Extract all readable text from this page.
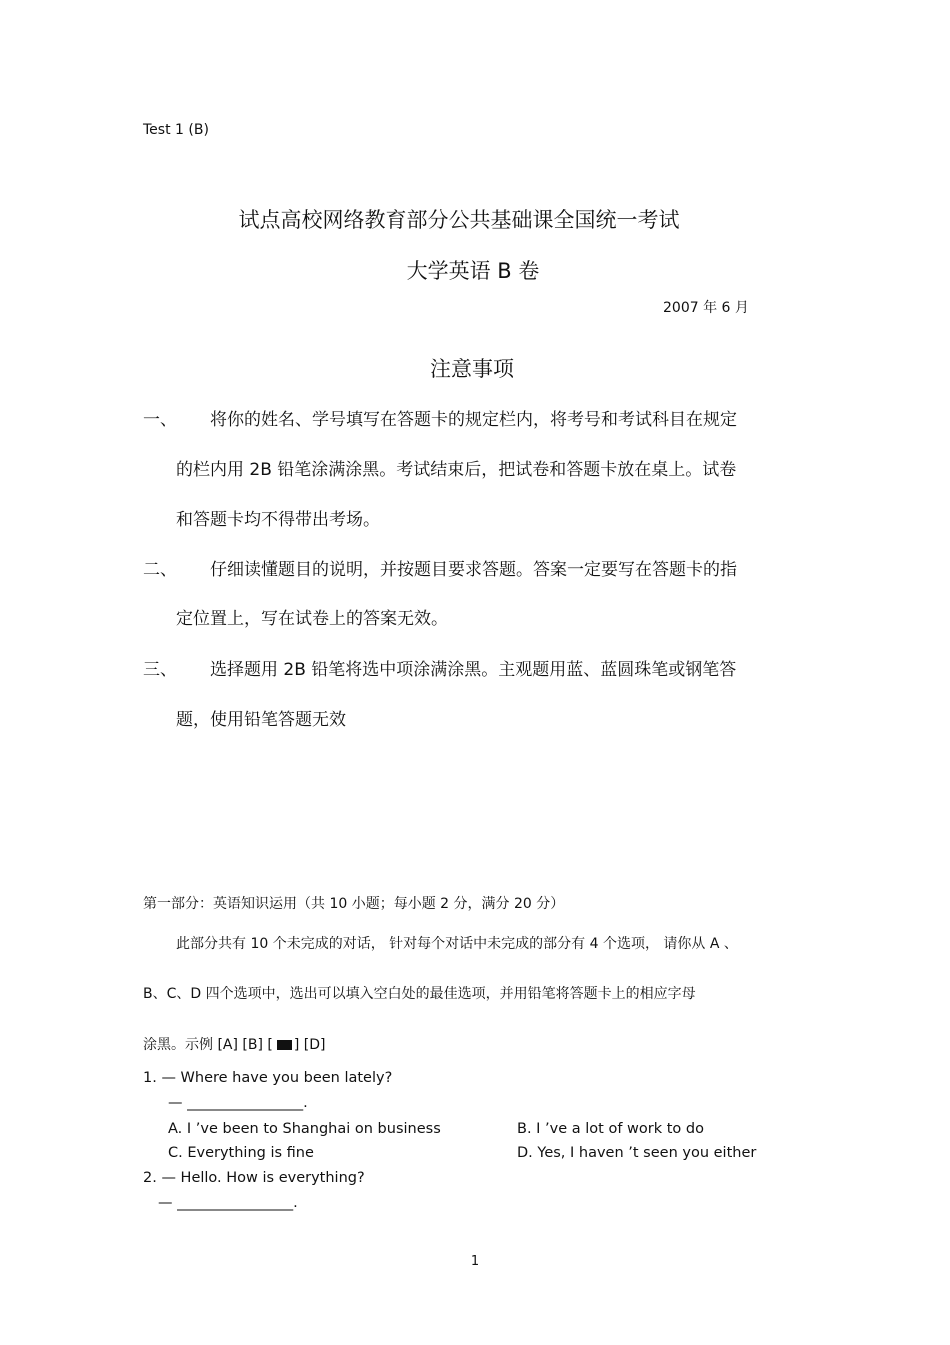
Test 1 (B)
试点高校网络教育部分公共基础课全国统一考试
大学英语 B 卷
2007 年 6 月
注意事项
一、 将你的姓名、学号填写在答题卡的规定栏内，将考号和考试科目在规定
的栏内用 2B 铅笔涂满涂黑。考试结束后，把试卷和答题卡放在桌上。试卷
和答题卡均不得带出考场。
二、 仔细读懂题目的说明，并按题目要求答题。答案一定要写在答题卡的指
定位置上，写在试卷上的答案无效。
三、 选择题用 2B 铅笔将选中项涂满涂黑。主观题用蓝、蓝圆珠笔或钢笔答
题，使用铅笔答题无效
第一部分：英语知识运用（共 10 小题；每小题 2 分，满分 20 分）
此部分共有 10 个未完成的对话， 针对每个对话中未完成的部分有 4 个选项， 请你从 A 、
B、C、D 四个选项中，选出可以填入空白处的最佳选项，并用铅笔将答题卡上的相应字母
涂黑。示例 [A] [B] [ ] [D]
1. — Where have you been lately?
— ________________.
A. I ’ve been to Shanghai on business	B. I ’ve a lot of work to do
C. Everything is fine	D. Yes, I haven ’t seen you either
2. — Hello. How is everything?
— ________________.
1
